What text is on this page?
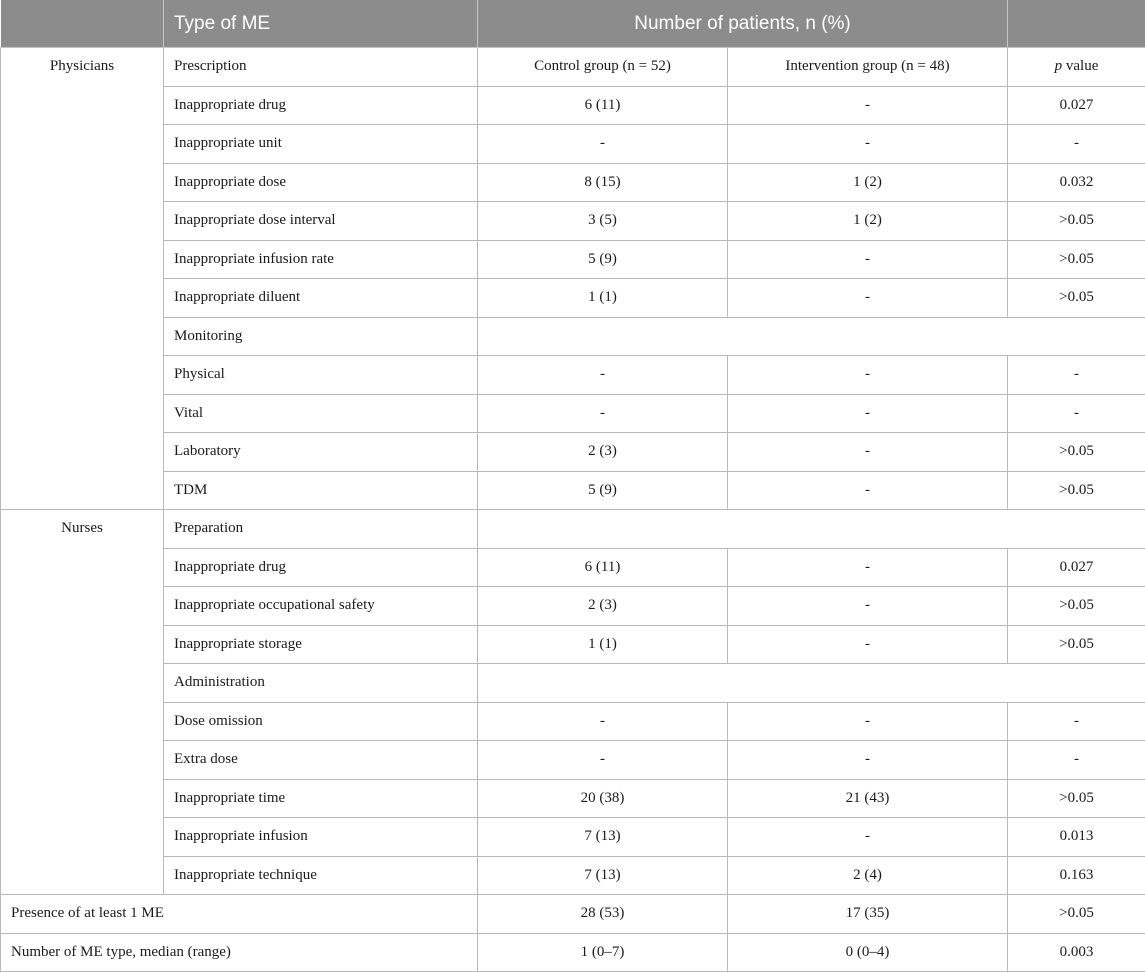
	Type of ME	Number of patients, n (%)		
Physicians	Prescription	Control group (n = 52)	Intervention group (n = 48)	p value
	Inappropriate drug	6 (11)	-	0.027
	Inappropriate unit	-	-	-
	Inappropriate dose	8 (15)	1 (2)	0.032
	Inappropriate dose interval	3 (5)	1 (2)	>0.05
	Inappropriate infusion rate	5 (9)	-	>0.05
	Inappropriate diluent	1 (1)	-	>0.05
	Monitoring			
	Physical	-	-	-
	Vital	-	-	-
	Laboratory	2 (3)	-	>0.05
	TDM	5 (9)	-	>0.05
Nurses	Preparation			
	Inappropriate drug	6 (11)	-	0.027
	Inappropriate occupational safety	2 (3)	-	>0.05
	Inappropriate storage	1 (1)	-	>0.05
	Administration			
	Dose omission	-	-	-
	Extra dose	-	-	-
	Inappropriate time	20 (38)	21 (43)	>0.05
	Inappropriate infusion	7 (13)	-	0.013
	Inappropriate technique	7 (13)	2 (4)	0.163
Presence of at least 1 ME		28 (53)	17 (35)	>0.05
Number of ME type, median (range)		1 (0–7)	0 (0–4)	0.003
